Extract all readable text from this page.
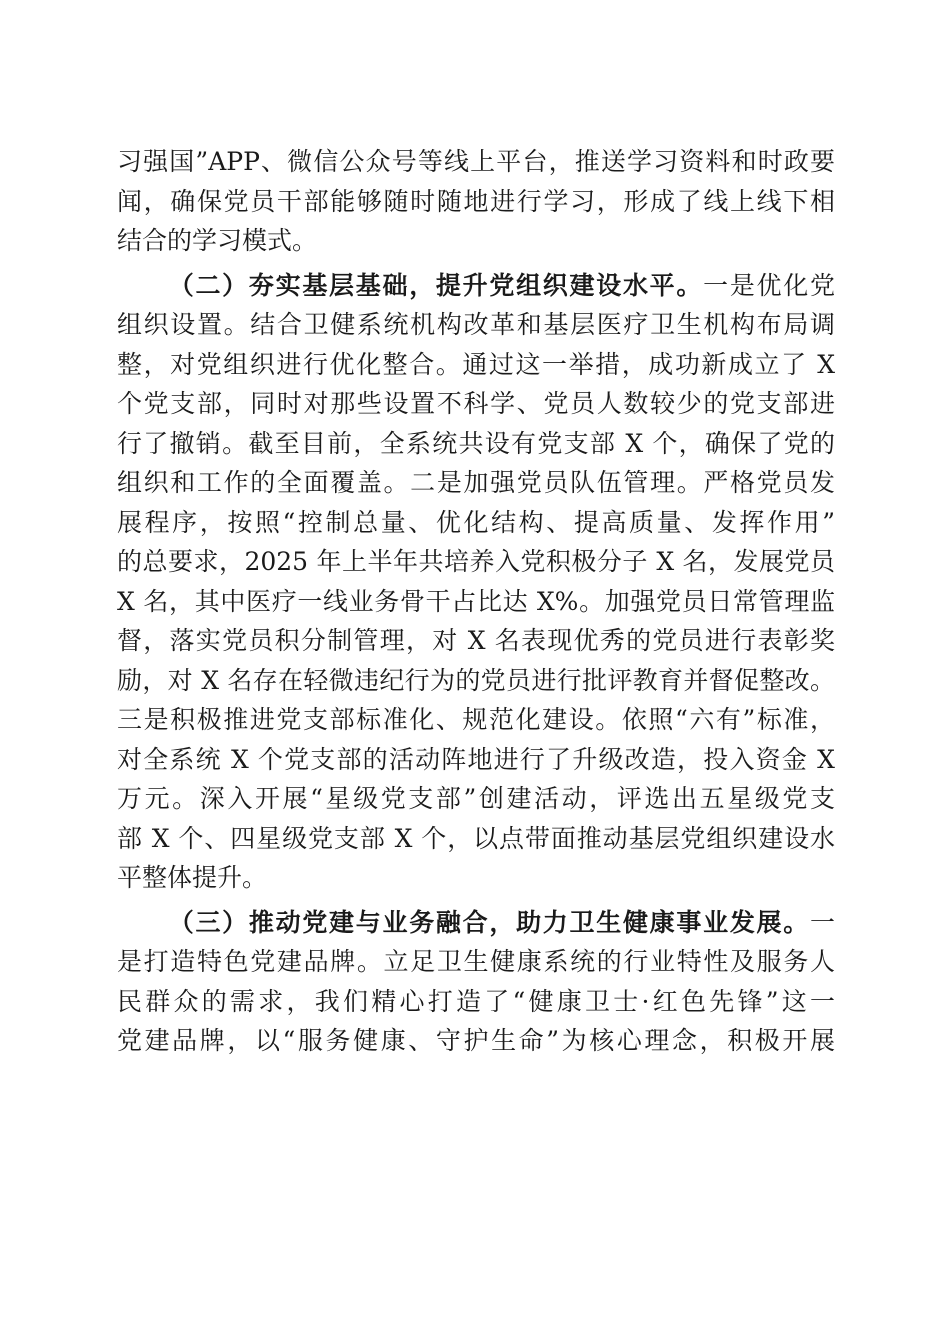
习强国”APP、微信公众号等线上平台，推送学习资料和时政要
闻，确保党员干部能够随时随地进行学习，形成了线上线下相
结合的学习模式。
（二）夯实基层基础，提升党组织建设水平。一是优化党
组织设置。结合卫健系统机构改革和基层医疗卫生机构布局调
整，对党组织进行优化整合。通过这一举措，成功新成立了 X
个党支部，同时对那些设置不科学、党员人数较少的党支部进
行了撤销。截至目前，全系统共设有党支部 X 个，确保了党的
组织和工作的全面覆盖。二是加强党员队伍管理。严格党员发
展程序，按照“控制总量、优化结构、提高质量、发挥作用”
的总要求，2025 年上半年共培养入党积极分子 X 名，发展党员
X 名，其中医疗一线业务骨干占比达 X%。加强党员日常管理监
督，落实党员积分制管理，对 X 名表现优秀的党员进行表彰奖
励，对 X 名存在轻微违纪行为的党员进行批评教育并督促整改。
三是积极推进党支部标准化、规范化建设。依照“六有”标准，
对全系统 X 个党支部的活动阵地进行了升级改造，投入资金 X
万元。深入开展“星级党支部”创建活动，评选出五星级党支
部 X 个、四星级党支部 X 个，以点带面推动基层党组织建设水
平整体提升。
（三）推动党建与业务融合，助力卫生健康事业发展。一
是打造特色党建品牌。立足卫生健康系统的行业特性及服务人
民群众的需求，我们精心打造了“健康卫士·红色先锋”这一
党建品牌，以“服务健康、守护生命”为核心理念，积极开展
